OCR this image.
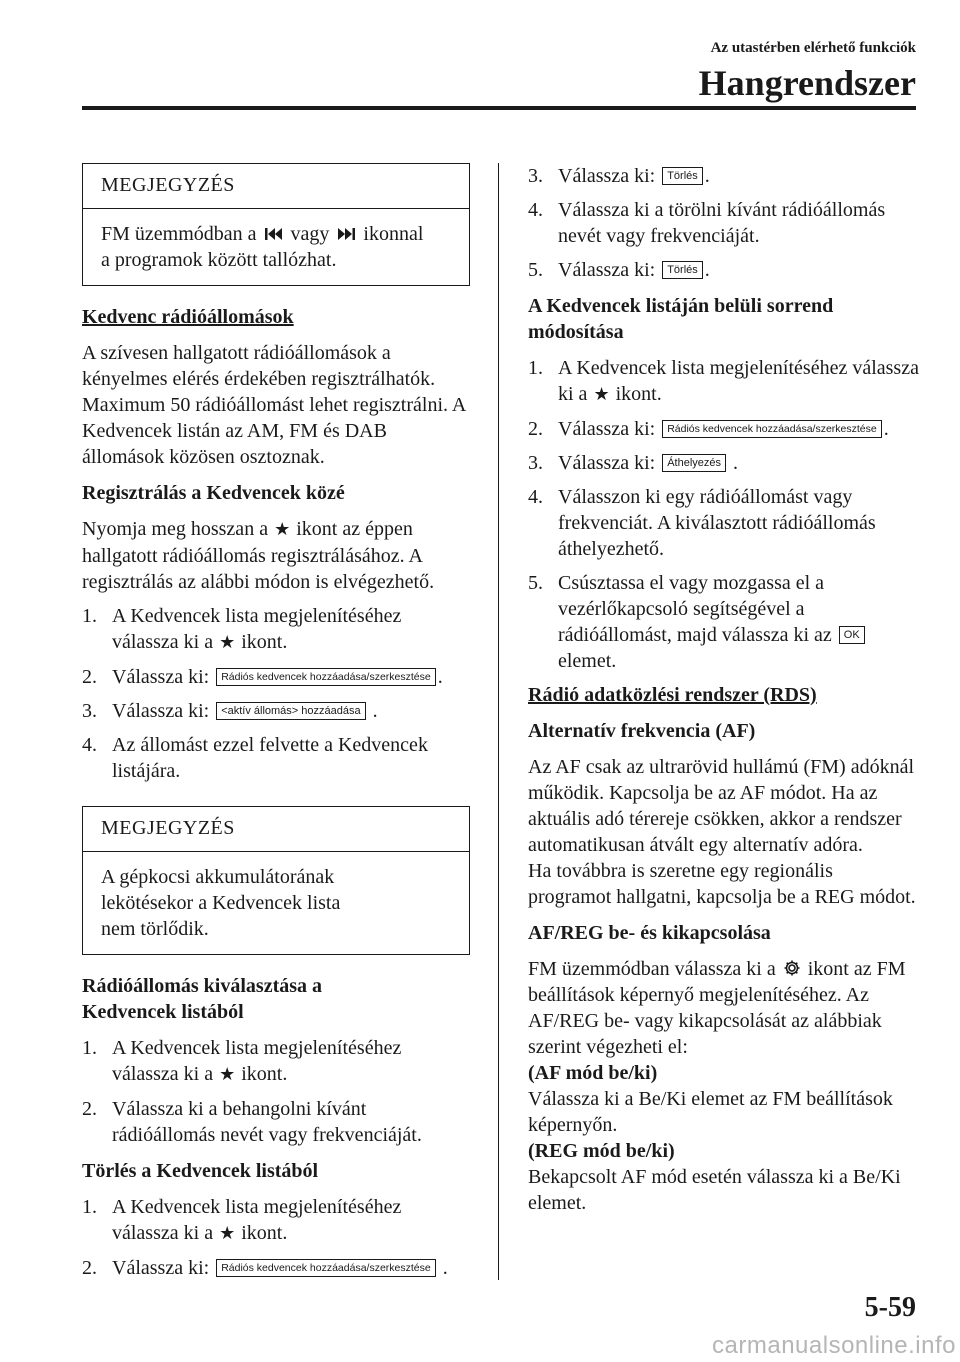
Az utastérben elérhető funkciók
Hangrendszer
MEGJEGYZÉS
FM üzemmódban a vagy ikonnal
a programok között tallózhat.
Kedvenc rádióállomások

A szívesen hallgatott rádióállomások a kényelmes elérés érdekében regisztrálhatók. Maximum 50 rádióállomást lehet regisztrálni. A Kedvencek listán az AM, FM és DAB állomások közösen osztoznak.

Regisztrálás a Kedvencek közé

Nyomja meg hosszan a ★ ikont az éppen hallgatott rádióállomás regisztrálásához. A regisztrálás az alábbi módon is elvégezhető.

1. A Kedvencek lista megjelenítéséhez válassza ki a ★ ikont.
2. Válassza ki: Rádiós kedvencek hozzáadása/szerkesztése .
3. Válassza ki: <aktív állomás> hozzáadása .
4. Az állomást ezzel felvette a Kedvencek listájára.
MEGJEGYZÉS
A gépkocsi akkumulátorának
lekötésekor a Kedvencek lista
nem törlődik.
Rádióállomás kiválasztása a
Kedvencek listából
1. A Kedvencek lista megjelenítéséhez válassza ki a ★ ikont.
2. Válassza ki a behangolni kívánt rádióállomás nevét vagy frekvenciáját.
Törlés a Kedvencek listából
1. A Kedvencek lista megjelenítéséhez válassza ki a ★ ikont.
2. Válassza ki: Rádiós kedvencek hozzáadása/szerkesztése .
3. Válassza ki: Törlés .
4. Válassza ki a törölni kívánt rádióállomás nevét vagy frekvenciáját.
5. Válassza ki: Törlés .
A Kedvencek listáján belüli sorrend
módosítása
1. A Kedvencek lista megjelenítéséhez válassza ki a ★ ikont.
2. Válassza ki: Rádiós kedvencek hozzáadása/szerkesztése .
3. Válassza ki: Áthelyezés .
4. Válasszon ki egy rádióállomást vagy frekvenciát. A kiválasztott rádióállomás áthelyezhető.
5. Csúsztassa el vagy mozgassa el a vezérlőkapcsoló segítségével a rádióállomást, majd válassza ki az OK elemet.
Rádió adatközlési rendszer (RDS)
Alternatív frekvencia (AF)

Az AF csak az ultrarövid hullámú (FM) adóknál működik. Kapcsolja be az AF módot. Ha az aktuális adó térereje csökken, akkor a rendszer automatikusan átvált egy alternatív adóra.

Ha továbbra is szeretne egy regionális programot hallgatni, kapcsolja be a REG módot.

AF/REG be- és kikapcsolása

FM üzemmódban válassza ki a ikont az FM beállítások képernyő megjelenítéséhez. Az AF/REG be- vagy kikapcsolását az alábbiak szerint végezheti el:

(AF mód be/ki)

Válassza ki a Be/Ki elemet az FM beállítások képernyőn.

(REG mód be/ki)

Bekapcsolt AF mód esetén válassza ki a Be/Ki elemet.

5-59
carmanualsonline.info
